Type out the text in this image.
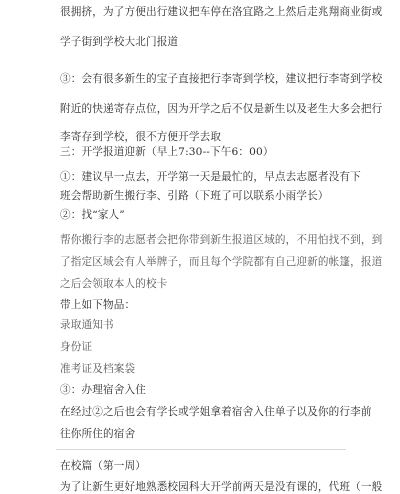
很拥挤，为了方便出行建议把车停在洛宜路之上然后走兆翔商业街或
学子街到学校大北门报道
③：会有很多新生的宝子直接把行李寄到学校，建议把行李寄到学校
附近的快递寄存点位，因为开学之后不仅是新生以及老生大多会把行
李寄存到学校，很不方便开学去取
三：开学报道迎新（早上7:30--下午6：00）
①：建议早一点去，开学第一天是最忙的，早点去志愿者没有下
班会帮助新生搬行李、引路（下班了可以联系小雨学长）
②：找“家人”
帮你搬行李的志愿者会把你带到新生报道区域的，不用怕找不到，到
了指定区域会有人举牌子，而且每个学院都有自己迎新的帐篷，报道
之后会领取本人的校卡
带上如下物品：
录取通知书
身份证
准考证及档案袋
③：办理宿舍入住
在经过②之后也会有学长或学姐拿着宿舍入住单子以及你的行李前
往你所住的宿舍
在校篇（第一周）
为了让新生更好地熟悉校园科大开学前两天是没有课的，代班（一般
